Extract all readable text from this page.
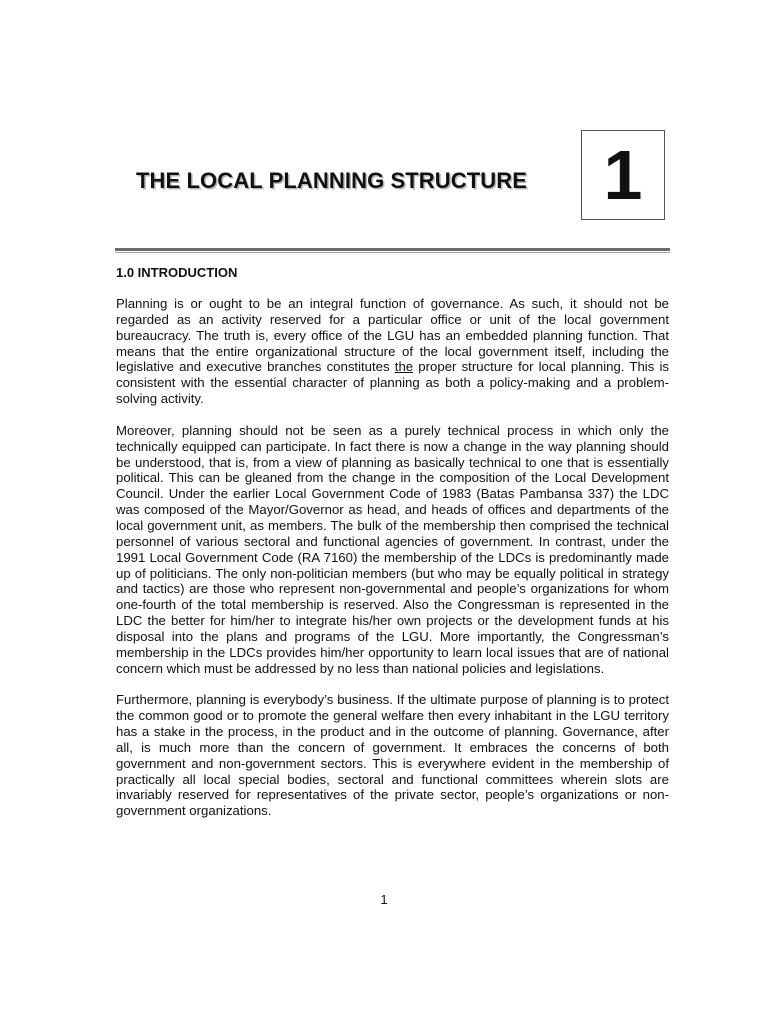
THE LOCAL PLANNING STRUCTURE 1
1.0 INTRODUCTION

Planning is or ought to be an integral function of governance. As such, it should not be regarded as an activity reserved for a particular office or unit of the local government bureaucracy. The truth is, every office of the LGU has an embedded planning function. That means that the entire organizational structure of the local government itself, including the legislative and executive branches constitutes the proper structure for local planning. This is consistent with the essential character of planning as both a policy-making and a problem-solving activity.

Moreover, planning should not be seen as a purely technical process in which only the technically equipped can participate. In fact there is now a change in the way planning should be understood, that is, from a view of planning as basically technical to one that is essentially political. This can be gleaned from the change in the composition of the Local Development Council. Under the earlier Local Government Code of 1983 (Batas Pambansa 337) the LDC was composed of the Mayor/Governor as head, and heads of offices and departments of the local government unit, as members. The bulk of the membership then comprised the technical personnel of various sectoral and functional agencies of government. In contrast, under the 1991 Local Government Code (RA 7160) the membership of the LDCs is predominantly made up of politicians. The only non-politician members (but who may be equally political in strategy and tactics) are those who represent non-governmental and people’s organizations for whom one-fourth of the total membership is reserved. Also the Congressman is represented in the LDC the better for him/her to integrate his/her own projects or the development funds at his disposal into the plans and programs of the LGU. More importantly, the Congressman’s membership in the LDCs provides him/her opportunity to learn local issues that are of national concern which must be addressed by no less than national policies and legislations.

Furthermore, planning is everybody’s business. If the ultimate purpose of planning is to protect the common good or to promote the general welfare then every inhabitant in the LGU territory has a stake in the process, in the product and in the outcome of planning. Governance, after all, is much more than the concern of government. It embraces the concerns of both government and non-government sectors. This is everywhere evident in the membership of practically all local special bodies, sectoral and functional committees wherein slots are invariably reserved for representatives of the private sector, people’s organizations or non-government organizations.

1
